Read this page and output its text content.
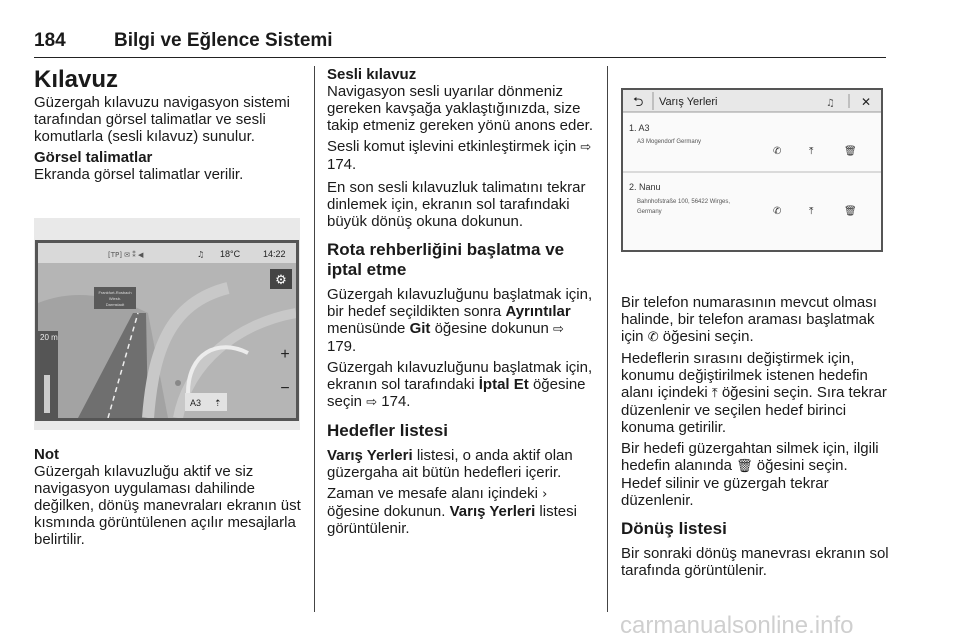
184	Bilgi ve Eğlence Sistemi
Kılavuz

Güzergah kılavuzu navigasyon sistemi tarafından görsel talimatlar ve sesli komutlarla (sesli kılavuz) sunulur.

Görsel talimatlar

Ekranda görsel talimatlar verilir.

Frankfurt-Rosbach
Wiesb.
Darmstadt
20 m
⚙
+
−
A3 ⇡
[TP] ✉ ⁑ ◀	♫ 18°C	14:22
Not

Güzergah kılavuzluğu aktif ve siz navigasyon uygulaması dahilinde değilken, dönüş manevraları ekranın üst kısmında görüntülenen açılır mesajlarla belirtilir.

Sesli kılavuz

Navigasyon sesli uyarılar dönmeniz gereken kavşağa yaklaştığınızda, size takip etmeniz gereken yönü anons eder.

Sesli komut işlevini etkinleştirmek için ⇨ 174.

En son sesli kılavuzluk talimatını tekrar dinlemek için, ekranın sol tarafındaki büyük dönüş okuna dokunun.

Rota rehberliğini başlatma ve iptal etme

Güzergah kılavuzluğunu başlatmak için, bir hedef seçildikten sonra Ayrıntılar menüsünde Git öğesine dokunun ⇨ 179.

Güzergah kılavuzluğunu başlatmak için, ekranın sol tarafındaki İptal Et öğesine seçin ⇨ 174.

Hedefler listesi

Varış Yerleri listesi, o anda aktif olan güzergaha ait bütün hedefleri içerir.

Zaman ve mesafe alanı içindeki › öğesine dokunun. Varış Yerleri listesi görüntülenir.

⮌ Varış Yerleri	♫ ✕
1. A3
A3 Mogendorf Germany
✆	⤒	🗑
2. Nanu
Bahnhofstraße 100, 56422 Wirges,
Germany	✆	⤒	🗑

Bir telefon numarasının mevcut olması halinde, bir telefon araması başlatmak için ✆ öğesini seçin.

Hedeflerin sırasını değiştirmek için, konumu değiştirilmek istenen hedefin alanı içindeki ⤒ öğesini seçin. Sıra tekrar düzenlenir ve seçilen hedef birinci konuma getirilir.

Bir hedefi güzergahtan silmek için, ilgili hedefin alanında 🗑 öğesini seçin. Hedef silinir ve güzergah tekrar düzenlenir.

Dönüş listesi

Bir sonraki dönüş manevrası ekranın sol tarafında görüntülenir.

carmanualsonline.info
